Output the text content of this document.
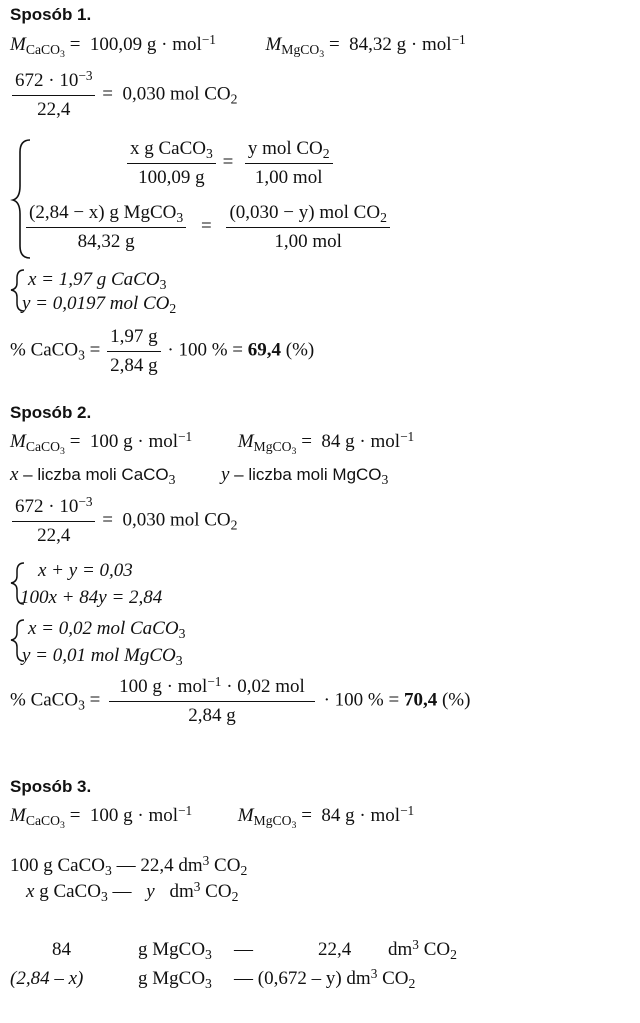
Sposób 1.
$M_{CaCO_3} = 100,09$ g · mol$^{-1}$	$M_{MgCO_3} = 84,32$ g · mol$^{-1}$
$\frac{672 \cdot 10^{-3}}{22,4} = 0,030$ mol $CO_2$
$\frac{x g CaCO_3}{100,09 g} = \frac{y mol CO_2}{\text{1,00 mol}}$
$\frac{(2,84 - x) g MgCO_3}{84,32 g} = \frac{(0,030 - y) mol CO_2}{\text{1,00 mol}}$
x = 1,97 g CaCO$_3$
y = 0,0197 mol $CO_2$
% CaCO$_3$ = $\frac{1,97 g}{2,84 g} \cdot 100$ % = 69,4 (%)
Sposób 2.
$M_{CaCO_3} = 100$ g · mol$^{-1}$ $M_{MgCO_3} = 84$ g · mol$^{-1}$
x – liczba moli CaCO$_3$ y – liczba moli MgCO$_3$
$\frac{672 \cdot 10^{-3}}{22,4} = 0,030$ mol $CO_2$
x + y = 0,03
100x + 84y = 2,84
x = 0,02 mol CaCO$_3$
y = 0,01 mol MgCO$_3$
% CaCO$_3$ = $\frac{100 g \cdot mol^{-1} \cdot 0,02 mol}{2,84 g} \cdot 100$ % = 70,4 (%)
Sposób 3.
$M_{CaCO_3} = 100$ g · mol$^{-1}$ $M_{MgCO_3} = 84$ g · mol$^{-1}$
100 g CaCO$_3$ — 22,4 $dm^3$ $CO_2$
x g CaCO$_3$ — y $dm^3$ $CO_2$
84	g MgCO$_3$ —	22,4 $dm^3$ $CO_2$
(2,84 – x)	g MgCO$_3$ — (0,672 – y) $dm^3$ $CO_2$
